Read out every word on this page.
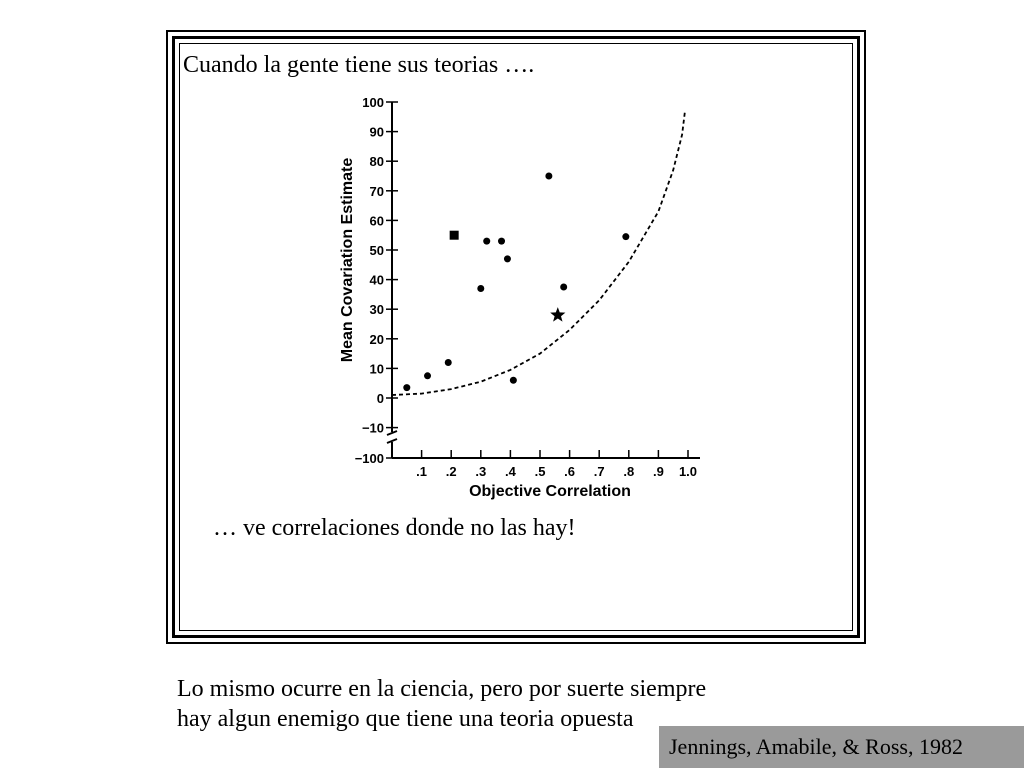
Cuando la gente tiene sus teorias ….
100
90
80
70
60
50
40
30
20
10
0
−10
−100
.1 .2 .3 .4 .5 .6 .7 .8 .9 1.0
Objective Correlation
Mean Covariation Estimate
… ve correlaciones donde no las hay!
Lo mismo ocurre en la ciencia, pero por suerte siempre
hay algun enemigo que tiene una teoria opuesta
Jennings, Amabile, & Ross, 1982
